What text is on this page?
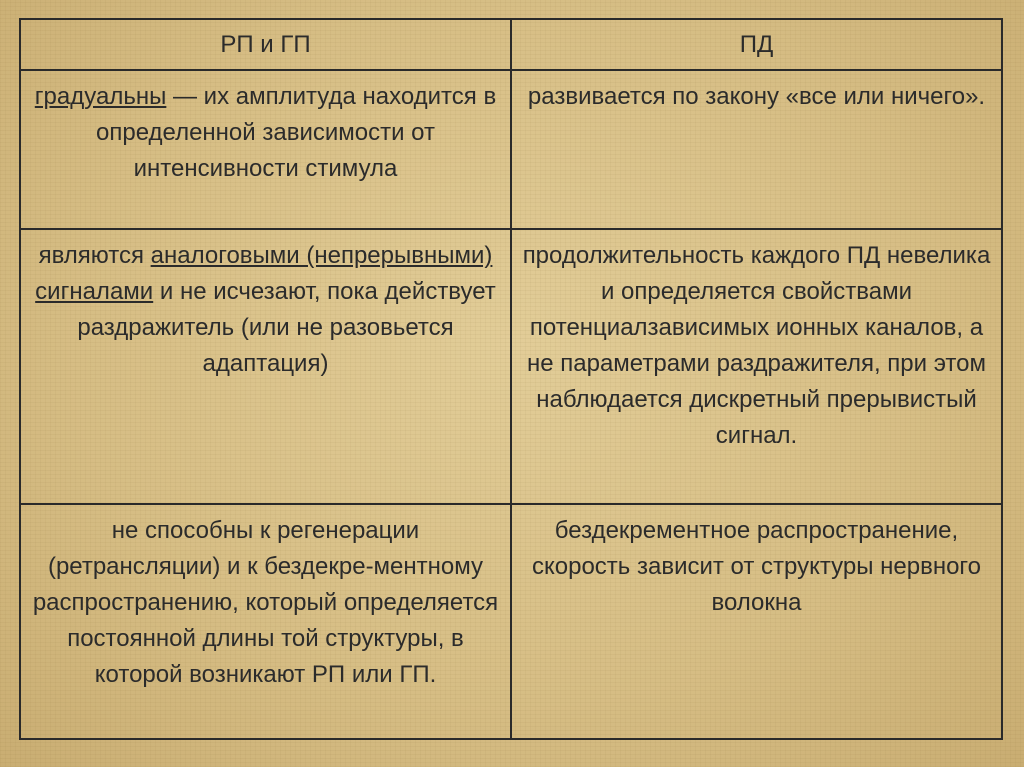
РП и ГП	ПД
градуальны — их амплитуда находится в определенной зависимости от интенсивности стимула	развивается по закону «все или ничего».
являются аналоговыми (непрерывными) сигналами и не исчезают, пока действует раздражитель (или не разовьется адаптация)	продолжительность каждого ПД невелика и определяется свойствами потенциалзависимых ионных каналов, а не параметрами раздражителя, при этом наблюдается дискретный прерывистый сигнал.
не способны к регенерации (ретрансляции) и к бездекре-ментному распространению, который определяется постоянной длины той структуры, в которой возникают РП или ГП.	бездекрементное распространение, скорость зависит от структуры нервного волокна
